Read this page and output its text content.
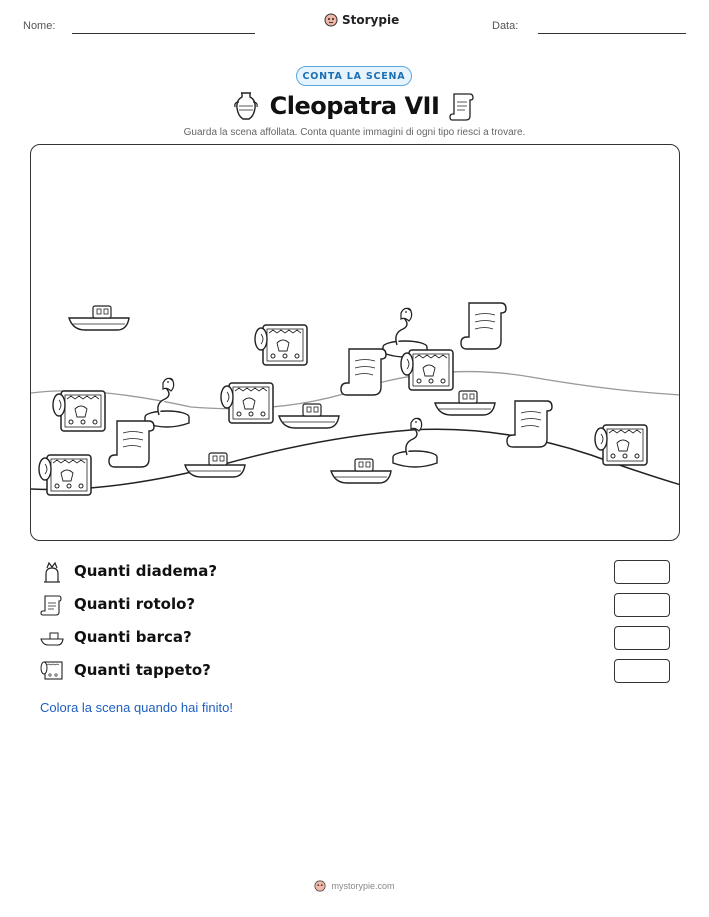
Nome:	Storypie	Data:
CONTA LA SCENA
Cleopatra VII
Guarda la scena affollata. Conta quante immagini di ogni tipo riesci a trovare.
Quanti diadema?
Quanti rotolo?
Quanti barca?
Quanti tappeto?
Colora la scena quando hai finito!
mystorypie.com
